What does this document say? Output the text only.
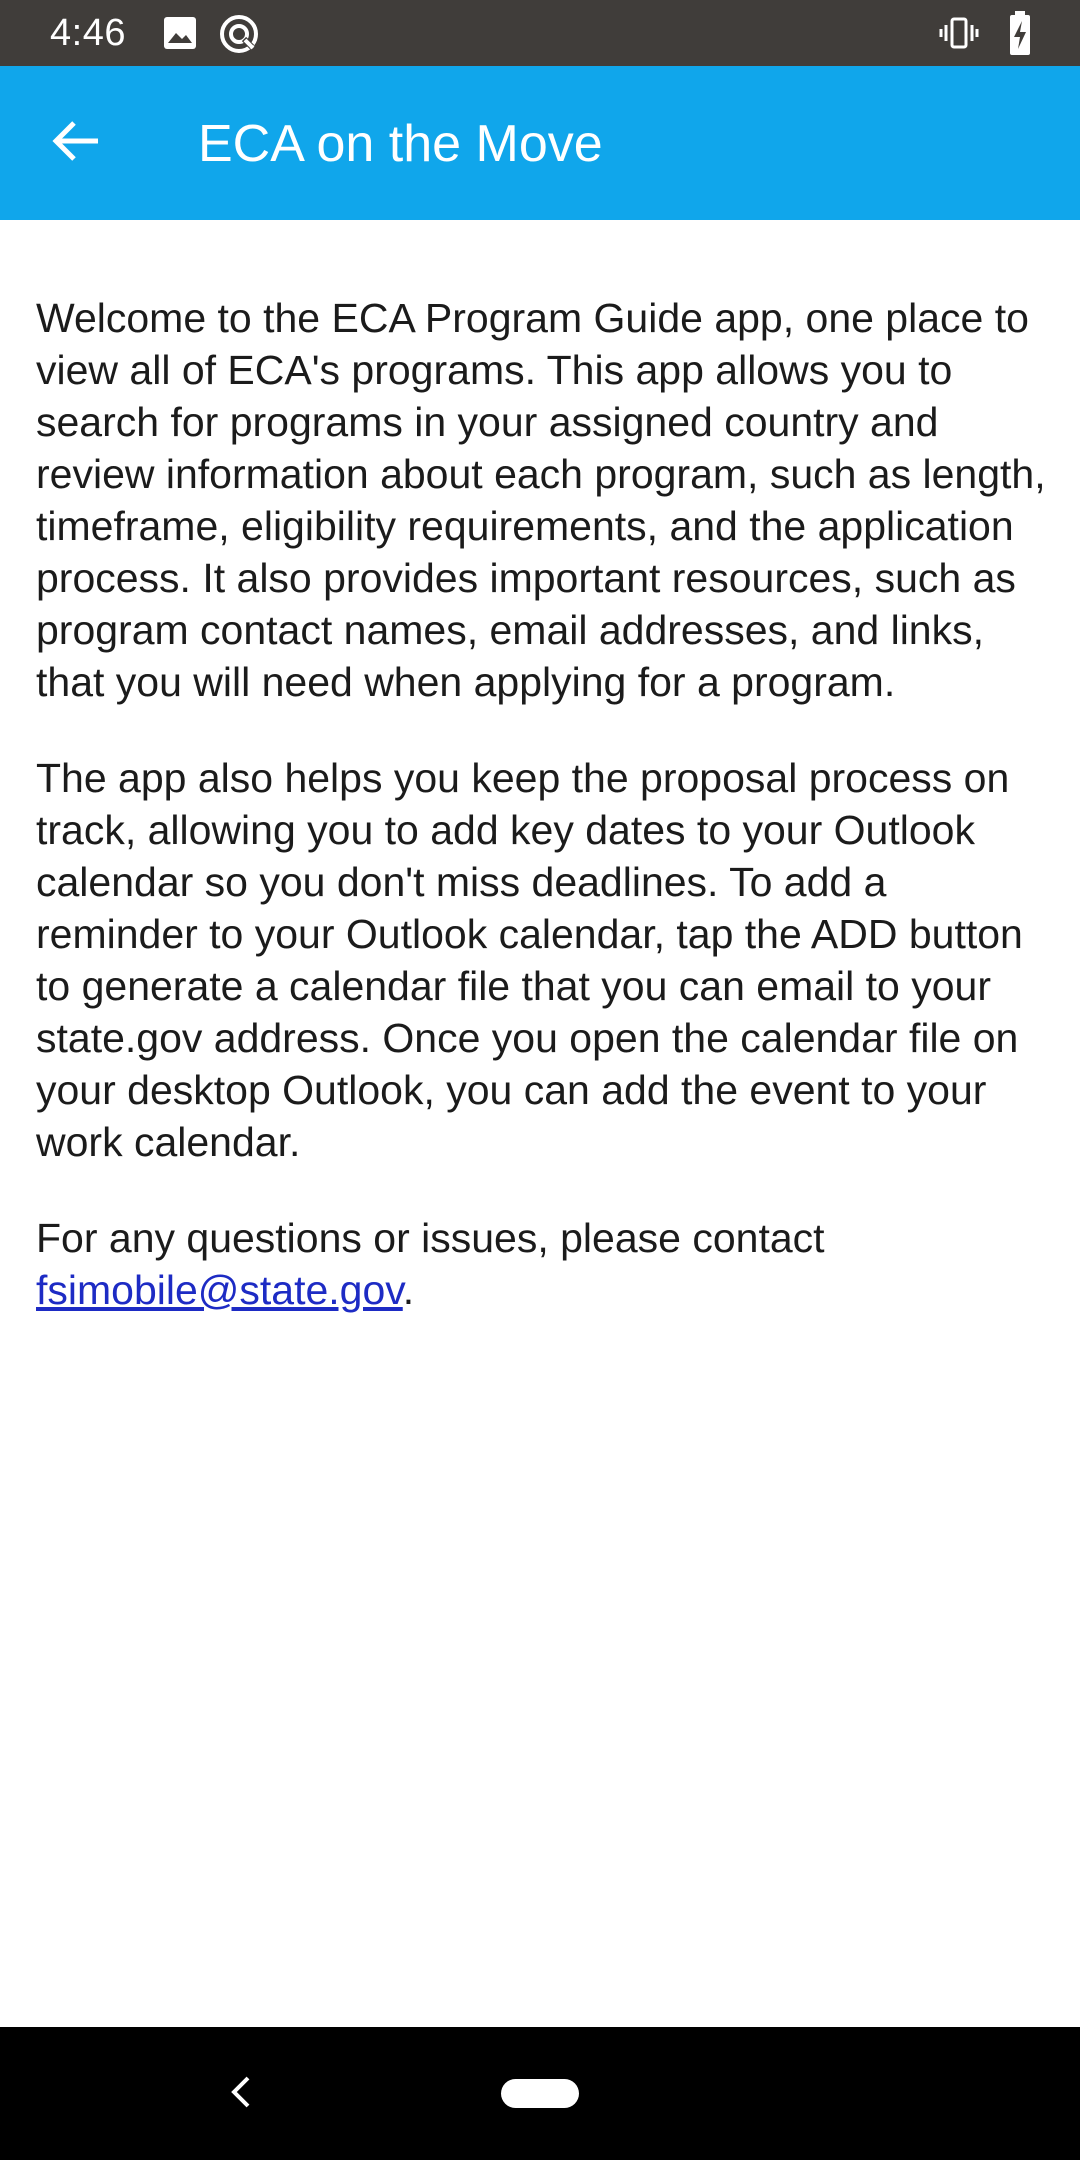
4:46
ECA on the Move

Welcome to the ECA Program Guide app, one place to view all of ECA's programs. This app allows you to search for programs in your assigned country and review information about each program, such as length, timeframe, eligibility requirements, and the application process. It also provides important resources, such as program contact names, email addresses, and links, that you will need when applying for a program.

The app also helps you keep the proposal process on track, allowing you to add key dates to your Outlook calendar so you don't miss deadlines. To add a reminder to your Outlook calendar, tap the ADD button to generate a calendar file that you can email to your state.gov address. Once you open the calendar file on your desktop Outlook, you can add the event to your work calendar.

For any questions or issues, please contact fsimobile@state.gov.
